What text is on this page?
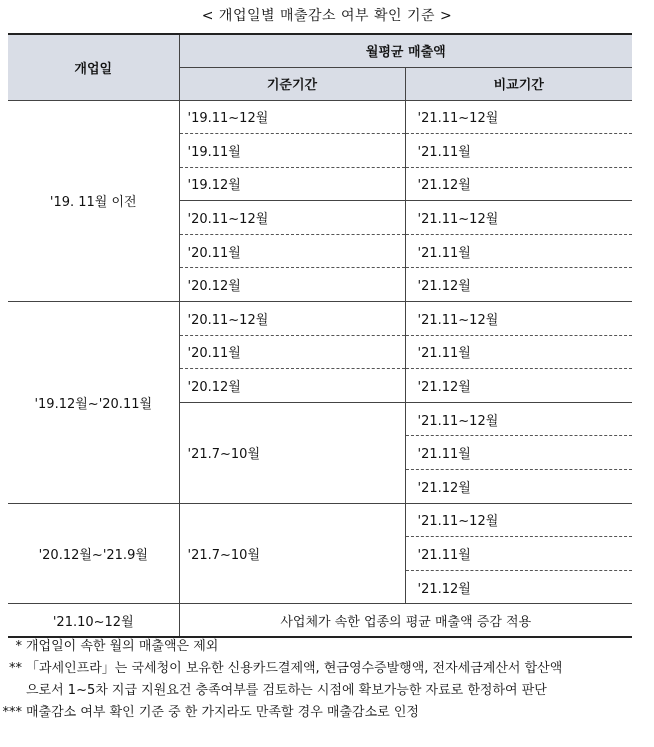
< 개업일별 매출감소 여부 확인 기준 >
개업일	월평균 매출액	
	기준기간	비교기간
'19. 11월 이전	'19.11~12월	'21.11~12월
	'19.11월	'21.11월
	'19.12월	'21.12월
	'20.11~12월	'21.11~12월
	'20.11월	'21.11월
	'20.12월	'21.12월
'19.12월~'20.11월	'20.11~12월	'21.11~12월
	'20.11월	'21.11월
	'20.12월	'21.12월
	'21.7~10월	'21.11~12월
		'21.11월
		'21.12월
'20.12월~'21.9월	'21.7~10월	'21.11~12월
		'21.11월
		'21.12월
'21.10~12월	사업체가 속한 업종의 평균 매출액 증감 적용	
* 개업일이 속한 월의 매출액은 제외
** 「과세인프라」는 국세청이 보유한 신용카드결제액, 현금영수증발행액, 전자세금계산서 합산액
으로서 1~5차 지급 지원요건 충족여부를 검토하는 시점에 확보가능한 자료로 한정하여 판단
*** 매출감소 여부 확인 기준 중 한 가지라도 만족할 경우 매출감소로 인정
